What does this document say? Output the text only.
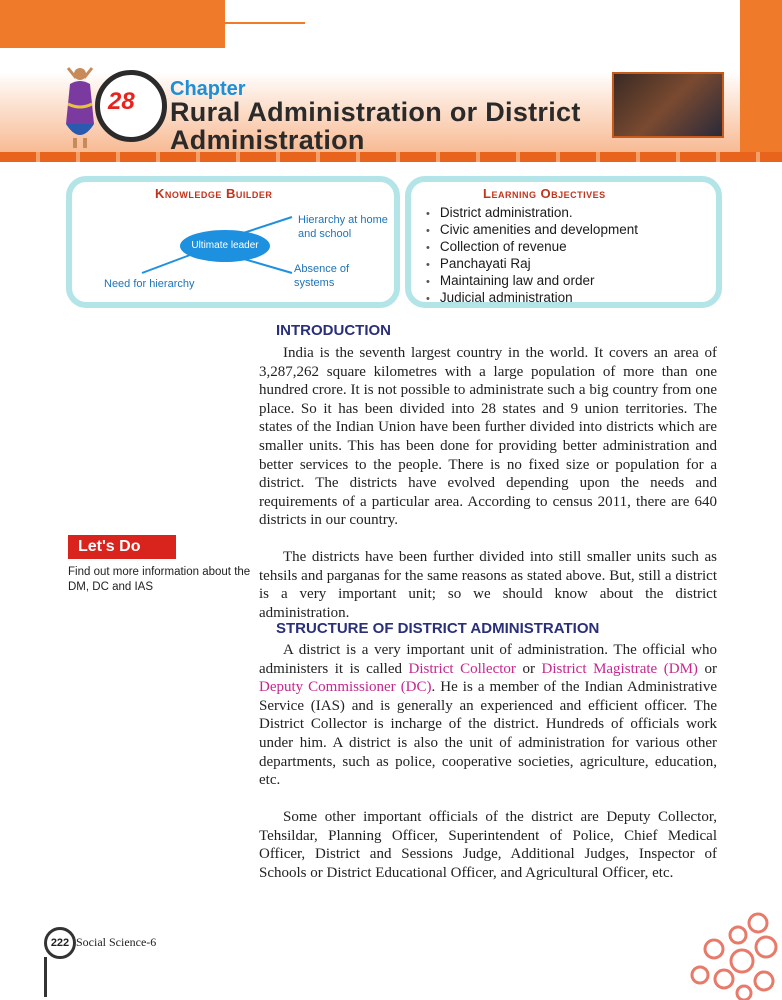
28 Chapter
Rural Administration or District Administration
Knowledge Builder
Ultimate leader
Hierarchy at home and school
Absence of systems
Need for hierarchy
Learning Objectives
• District administration.
• Civic amenities and development
• Collection of revenue
• Panchayati Raj
• Maintaining law and order
• Judicial administration
INTRODUCTION

India is the seventh largest country in the world. It covers an area of 3,287,262 square kilometres with a large population of more than one hundred crore. It is not possible to administrate such a big country from one place. So it has been divided into 28 states and 9 union territories. The states of the Indian Union have been further divided into districts which are smaller units. This has been done for providing better administration and better services to the people. There is no fixed size or population for a district. The districts have evolved depending upon the needs and requirements of a particular area. According to census 2011, there are 640 districts in our country.

The districts have been further divided into still smaller units such as tehsils and parganas for the same reasons as stated above. But, still a district is a very important unit; so we should know about the district administration.

Let's Do
Find out more information about the DM, DC and IAS
STRUCTURE OF DISTRICT ADMINISTRATION

A district is a very important unit of administration. The official who administers it is called District Collector or District Magistrate (DM) or Deputy Commissioner (DC). He is a member of the Indian Administrative Service (IAS) and is generally an experienced and efficient officer. The District Collector is incharge of the district. Hundreds of officials work under him. A district is also the unit of administration for various other departments, such as police, cooperative societies, agriculture, education, etc.

Some other important officials of the district are Deputy Collector, Tehsildar, Planning Officer, Superintendent of Police, Chief Medical Officer, District and Sessions Judge, Additional Judges, Inspector of Schools or District Educational Officer, and Agricultural Officer, etc.

222 Social Science-6
